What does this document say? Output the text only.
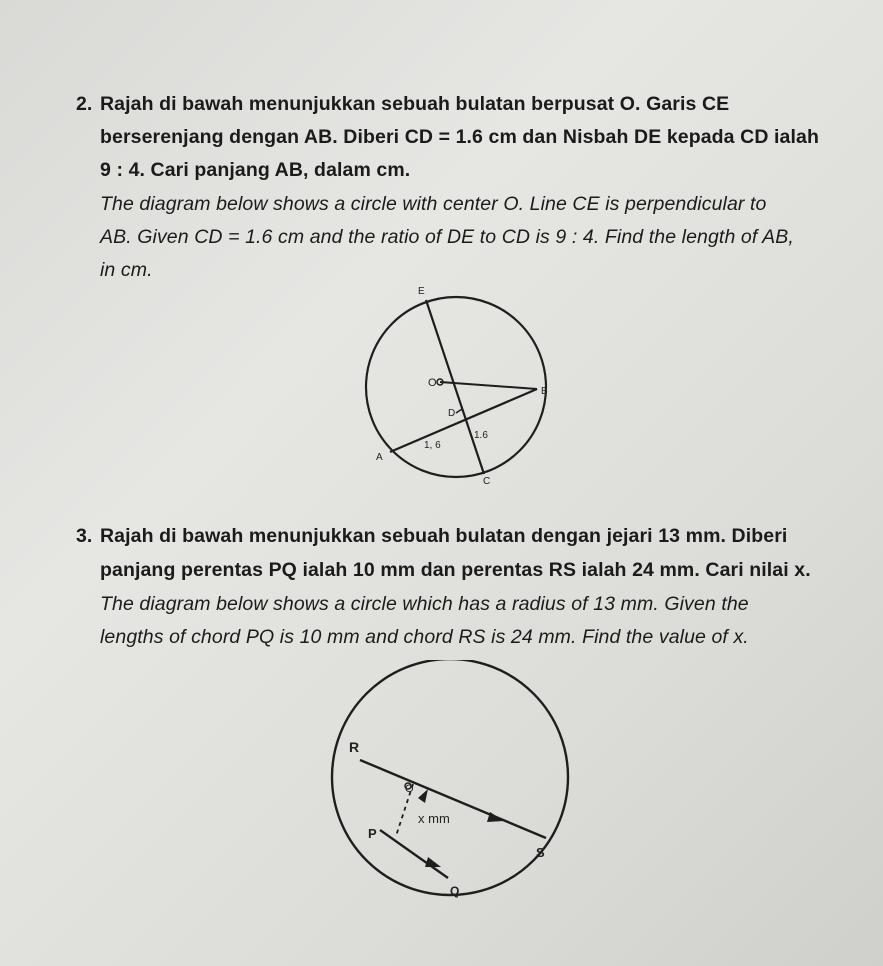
2. Rajah di bawah menunjukkan sebuah bulatan berpusat O. Garis CE
berserenjang dengan AB. Diberi CD = 1.6 cm dan Nisbah DE kepada CD ialah
9 : 4. Cari panjang AB, dalam cm.
The diagram below shows a circle with center O. Line CE is perpendicular to
AB. Given CD = 1.6 cm and the ratio of DE to CD is 9 : 4. Find the length of AB,
in cm.
E
O
B
D
A
C
1, 6
1.6
3. Rajah di bawah menunjukkan sebuah bulatan dengan jejari 13 mm. Diberi
panjang perentas PQ ialah 10 mm dan perentas RS ialah 24 mm. Cari nilai x.
The diagram below shows a circle which has a radius of 13 mm. Given the
lengths of chord PQ is 10 mm and chord RS is 24 mm. Find the value of x.
R
S
P
Q
O
x mm
